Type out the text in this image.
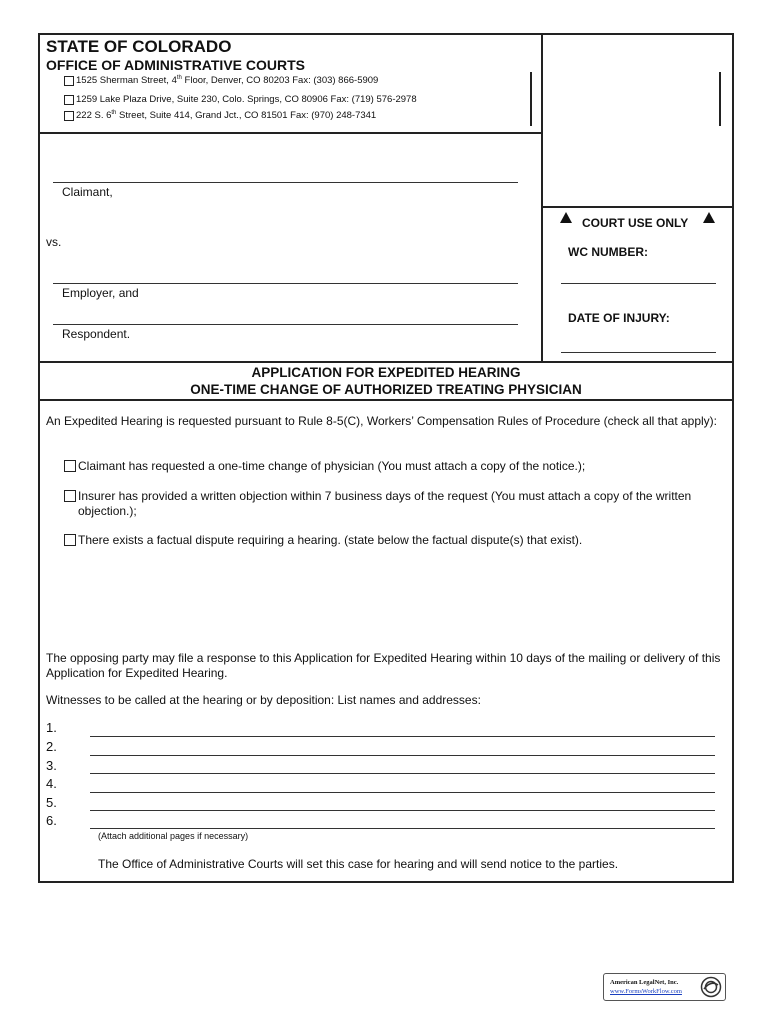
STATE OF COLORADO
OFFICE OF ADMINISTRATIVE COURTS
1525 Sherman Street, 4th Floor, Denver, CO 80203 Fax: (303) 866-5909
1259 Lake Plaza Drive, Suite 230, Colo. Springs, CO 80906 Fax: (719) 576-2978
222 S. 6th Street, Suite 414, Grand Jct., CO 81501 Fax: (970) 248-7341
Claimant,
vs.
Employer, and
Respondent.
COURT USE ONLY
WC NUMBER:
DATE OF INJURY:
APPLICATION FOR EXPEDITED HEARING
ONE-TIME CHANGE OF AUTHORIZED TREATING PHYSICIAN
An Expedited Hearing is requested pursuant to Rule 8-5(C), Workers’ Compensation Rules of Procedure (check all that apply):
Claimant has requested a one-time change of physician (You must attach a copy of the notice.);
Insurer has provided a written objection within 7 business days of the request (You must attach a copy of the written objection.);
There exists a factual dispute requiring a hearing. (state below the factual dispute(s) that exist).
The opposing party may file a response to this Application for Expedited Hearing within 10 days of the mailing or delivery of this Application for Expedited Hearing.
Witnesses to be called at the hearing or by deposition: List names and addresses:
1.
2.
3.
4.
5.
6.
(Attach additional pages if necessary)
The Office of Administrative Courts will set this case for hearing and will send notice to the parties.
American LegalNet, Inc.
www.FormsWorkFlow.com
